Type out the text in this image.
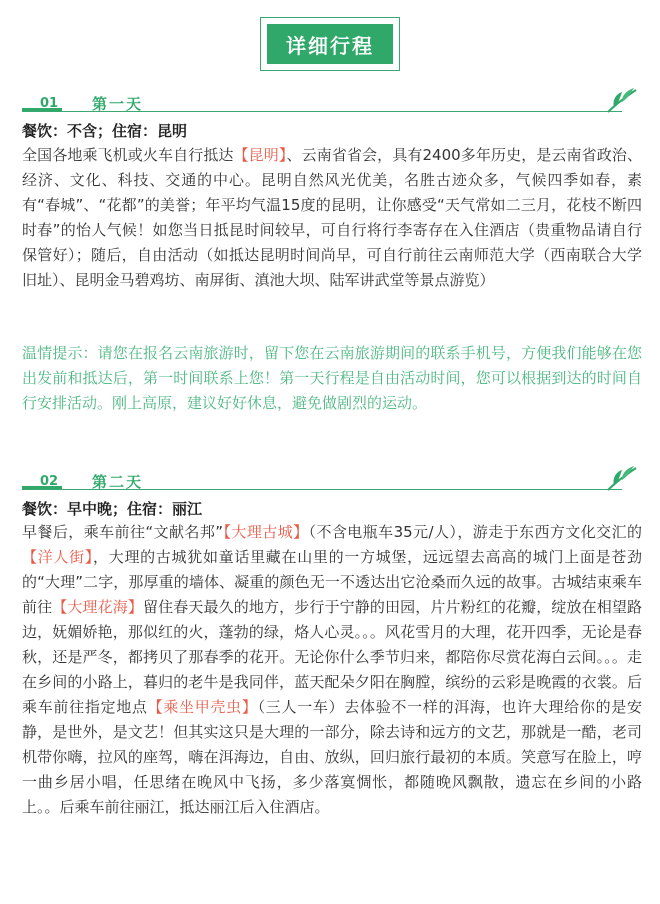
详细行程
01 第一天
餐饮：不含；住宿：昆明
全国各地乘飞机或火车自行抵达【昆明】、云南省省会，具有2400多年历史，是云南省政治、经济、文化、科技、交通的中心。昆明自然风光优美，名胜古迹众多，气候四季如春，素有“春城”、“花都”的美誉；年平均气温15度的昆明，让你感受“天气常如二三月，花枝不断四时春”的怡人气候！如您当日抵昆时间较早，可自行将行李寄存在入住酒店（贵重物品请自行保管好）；随后，自由活动（如抵达昆明时间尚早，可自行前往云南师范大学（西南联合大学旧址）、昆明金马碧鸡坊、南屏街、滇池大坝、陆军讲武堂等景点游览）
温情提示：请您在报名云南旅游时，留下您在云南旅游期间的联系手机号，方便我们能够在您出发前和抵达后，第一时间联系上您！第一天行程是自由活动时间，您可以根据到达的时间自行安排活动。刚上高原，建议好好休息，避免做剧烈的运动。
02 第二天
餐饮：早中晚；住宿：丽江
早餐后，乘车前往“文献名邦”【大理古城】（不含电瓶车35元/人），游走于东西方文化交汇的【洋人街】，大理的古城犹如童话里藏在山里的一方城堡，远远望去高高的城门上面是苍劲的“大理”二字，那厚重的墙体、凝重的颜色无一不透达出它沧桑而久远的故事。古城结束乘车前往【大理花海】留住春天最久的地方，步行于宁静的田园，片片粉红的花瓣，绽放在相望路边，妩媚娇艳，那似红的火，蓬勃的绿，烙人心灵。。。风花雪月的大理，花开四季，无论是春秋，还是严冬，都拷贝了那春季的花开。无论你什么季节归来，都陪你尽赏花海白云间。。。走在乡间的小路上，暮归的老牛是我同伴，蓝天配朵夕阳在胸膛，缤纷的云彩是晚霞的衣裳。后乘车前往指定地点【乘坐甲壳虫】（三人一车）去体验不一样的洱海，也许大理给你的是安静，是世外，是文艺！但其实这只是大理的一部分，除去诗和远方的文艺，那就是一酷，老司机带你嗨，拉风的座驾，嗨在洱海边，自由、放纵，回归旅行最初的本质。笑意写在脸上，哼一曲乡居小唱，任思绪在晚风中飞扬，多少落寞惆怅，都随晚风飘散，遗忘在乡间的小路上。。后乘车前往丽江，抵达丽江后入住酒店。
